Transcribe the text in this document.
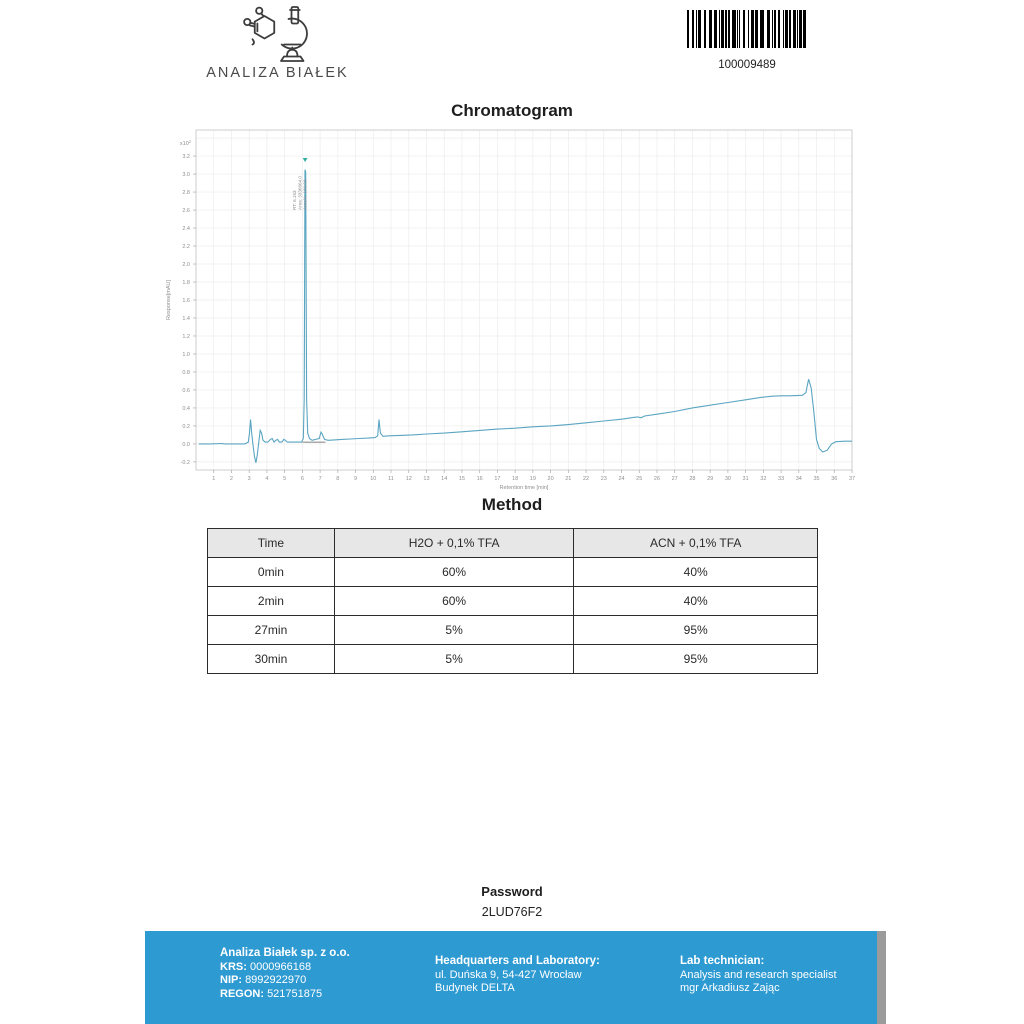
ANALIZA BIAŁEK	100009489
Chromatogram
1	2	3	4	5	6	7	8	9 10 11 12 13 14 15 16 17 18 19 20 21 22 23 24 25 26 27 28 29 30 31 32 33 34 35 36 37
3.2
3.0
2.8
2.6
2.4
2.2
2.0
1.8
1.6
1.4
1.2
1.0
0.8
0.6
0.4
0.2
0.0
-0.2
$x10^2$
Retention time [min]
Response[mAU]
RT: 6.153 Area: 3336664.0 Area%: 100.00
Method
Time	H2O + 0,1% TFA	ACN + 0,1% TFA
0min	60%	40%
2min	60%	40%
27min	5%	95%
30min	5%	95%
Password
2LUD76F2
Analiza Białek sp. z o.o.
KRS: 0000966168
NIP: 8992922970
REGON: 521751875
Headquarters and Laboratory:
ul. Duńska 9, 54-427 Wrocław
Budynek DELTA
Lab technician:
Analysis and research specialist
mgr Arkadiusz Zając
